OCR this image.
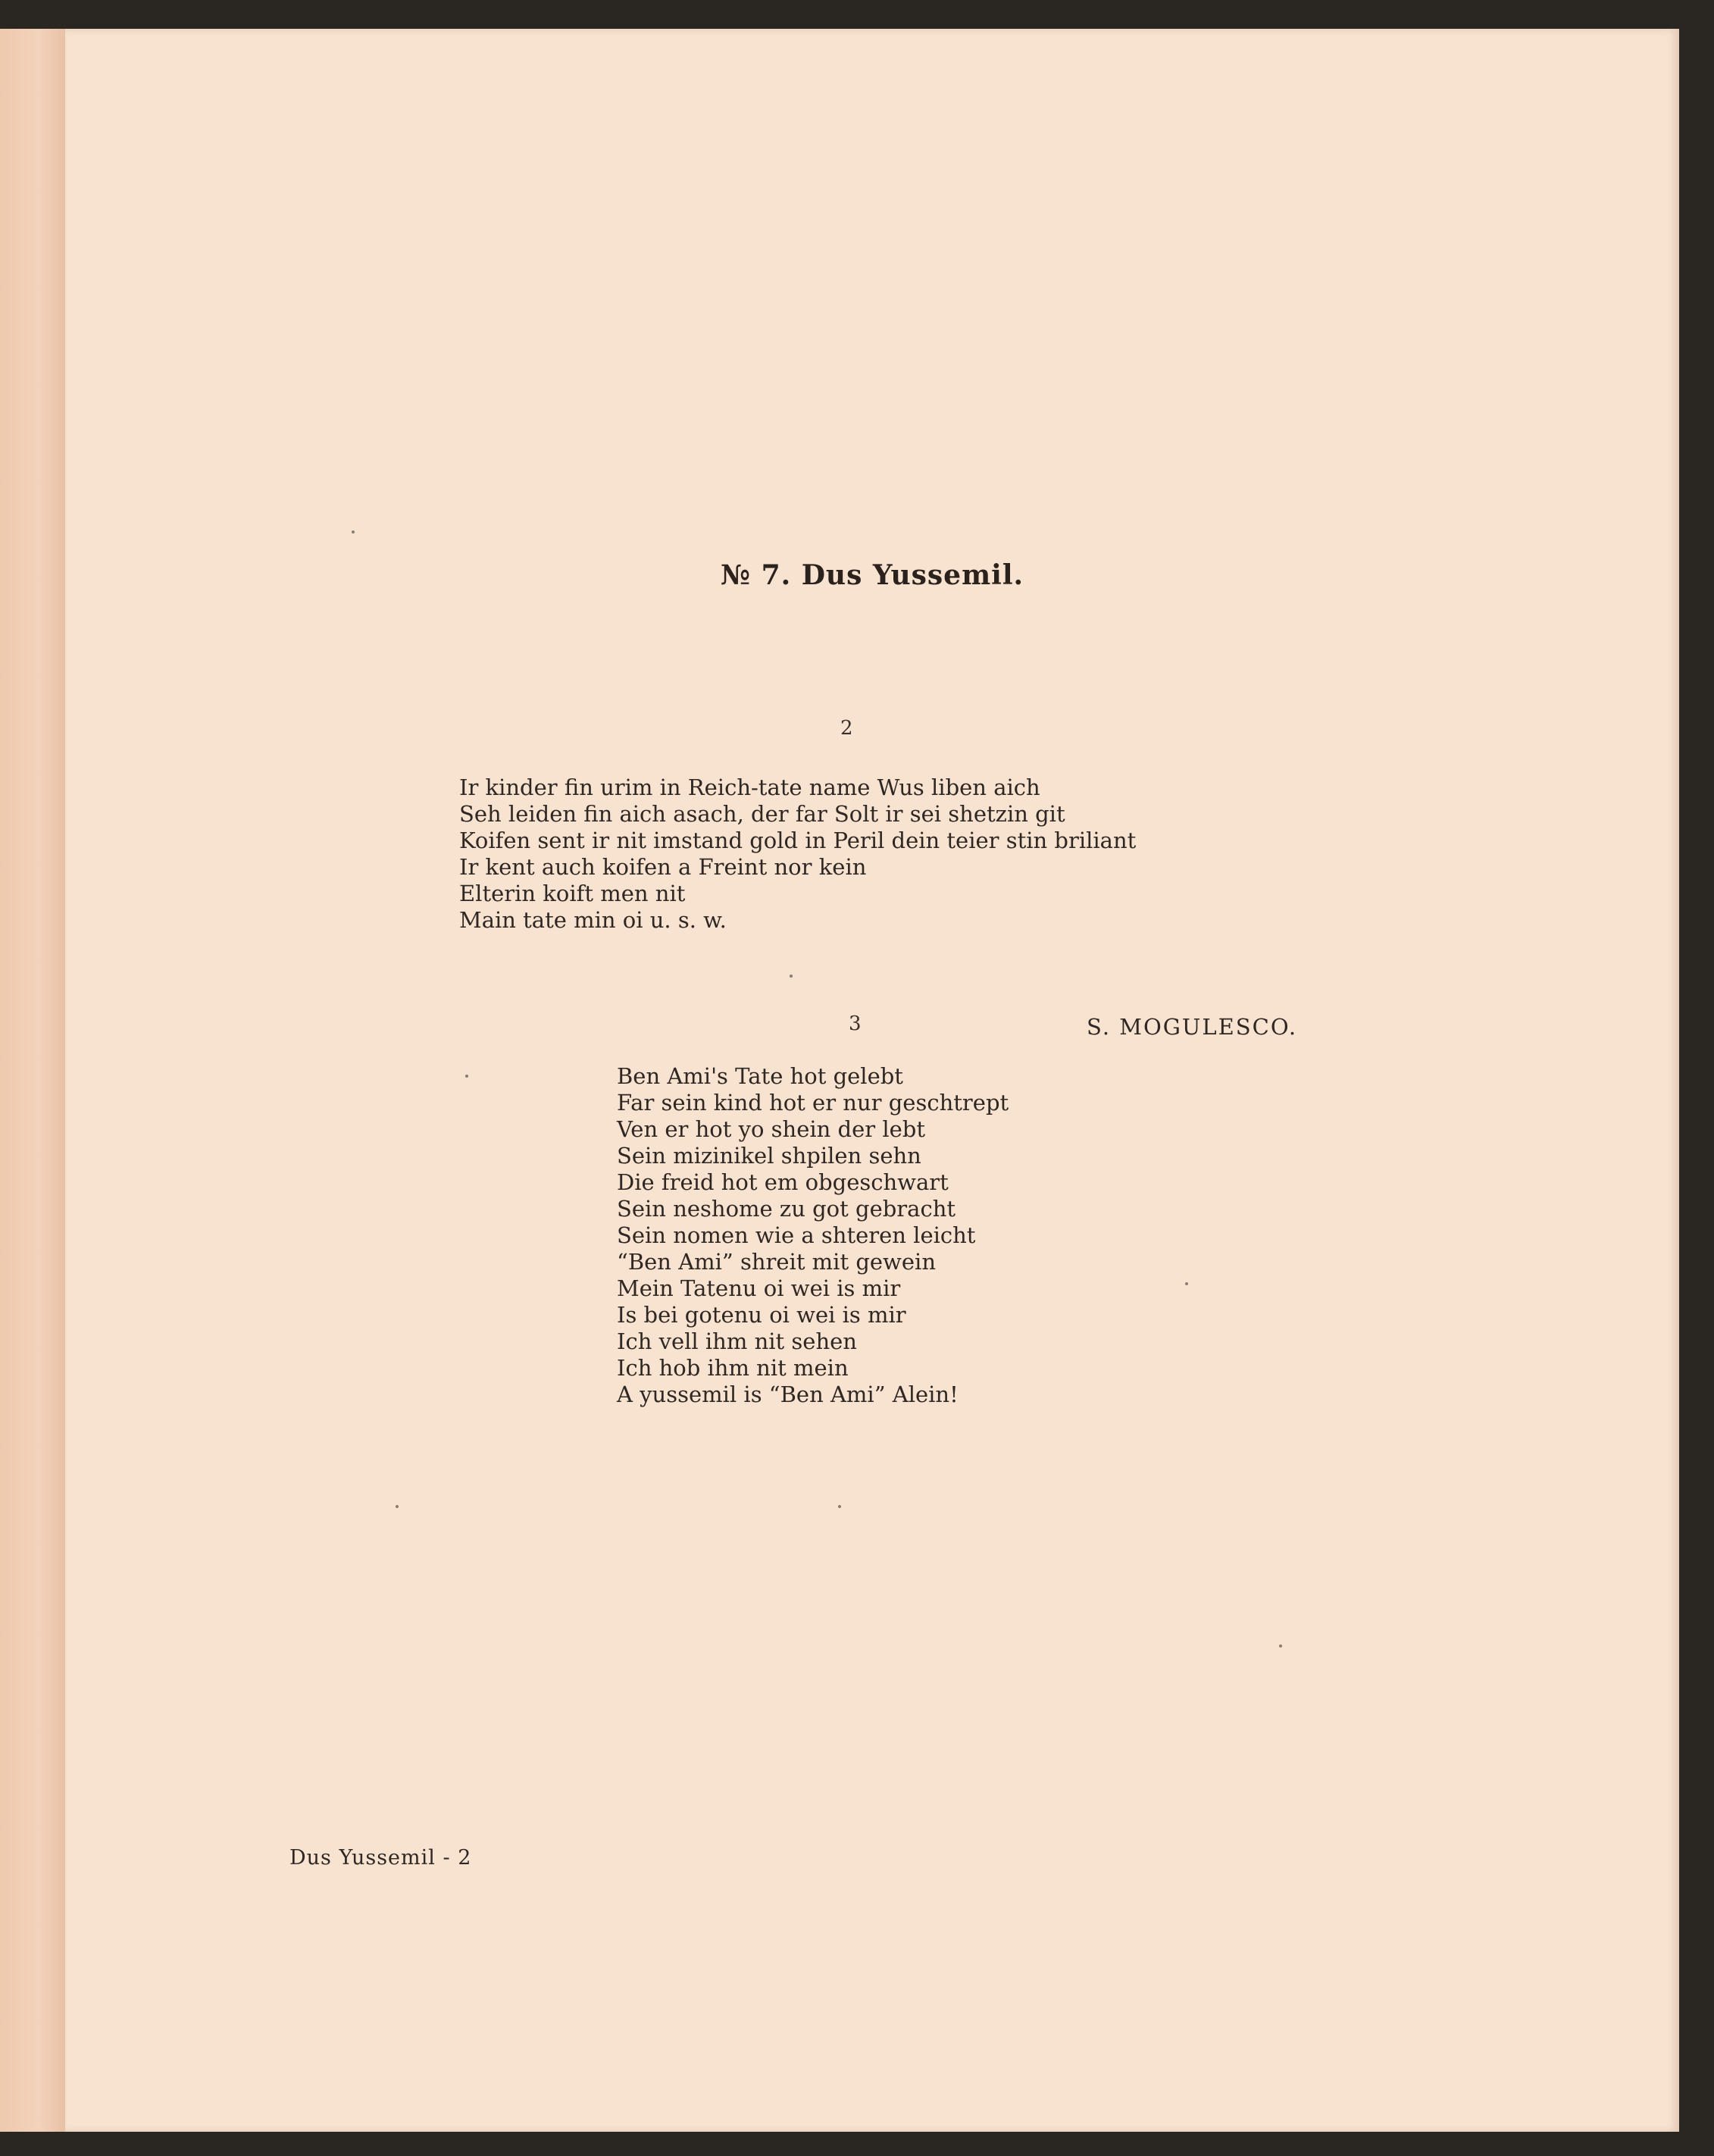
№ 7. Dus Yussemil.
2
Ir kinder fin urim in Reich-tate name Wus liben aich
Seh leiden fin aich asach, der far Solt ir sei shetzin git
Koifen sent ir nit imstand gold in Peril dein teier stin briliant
Ir kent auch koifen a Freint nor kein
Elterin koift men nit
Main tate min oi u. s. w.
3	S. MOGULESCO.
Ben Ami's Tate hot gelebt
Far sein kind hot er nur geschtrept
Ven er hot yo shein der lebt
Sein mizinikel shpilen sehn
Die freid hot em obgeschwart
Sein neshome zu got gebracht
Sein nomen wie a shteren leicht
“Ben Ami” shreit mit gewein
Mein Tatenu oi wei is mir
Is bei gotenu oi wei is mir
Ich vell ihm nit sehen
Ich hob ihm nit mein
A yussemil is “Ben Ami” Alein!
Dus Yussemil - 2
